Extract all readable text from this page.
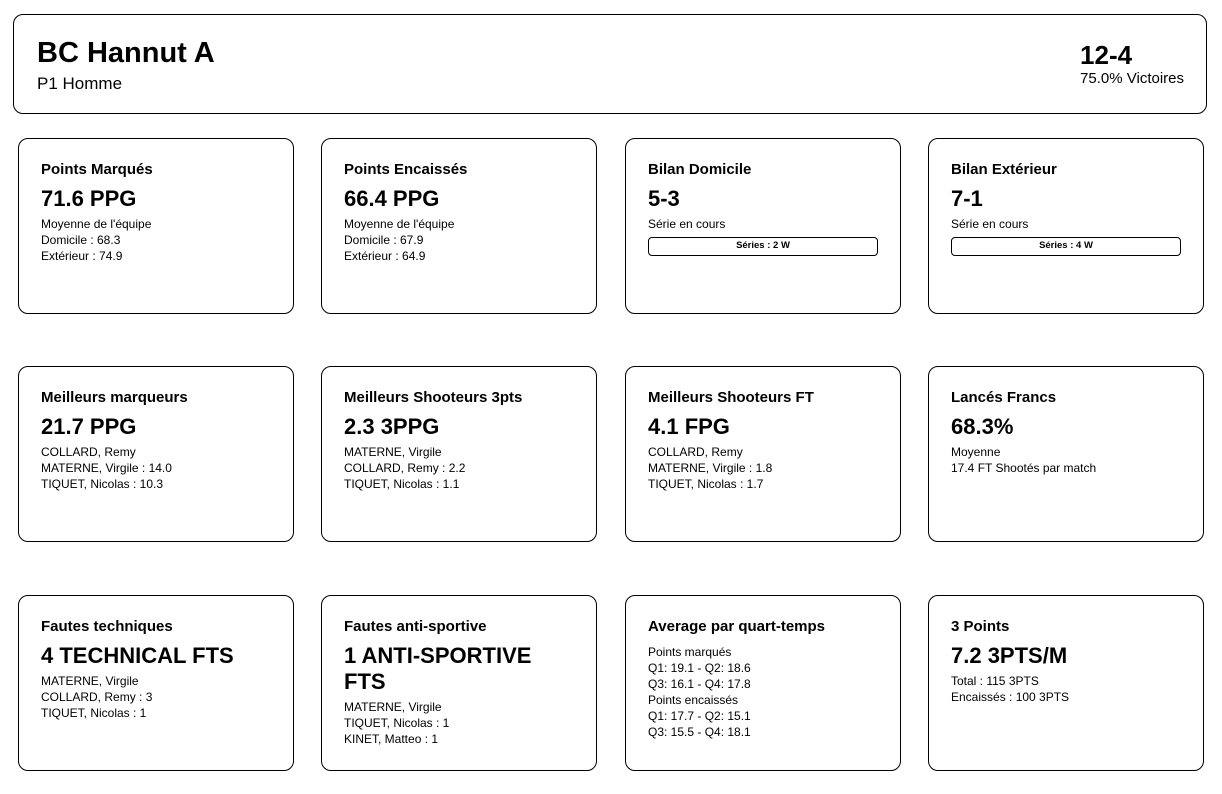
BC Hannut A
P1 Homme
12-4
75.0% Victoires
Points Marqués
71.6 PPG
Moyenne de l'équipe
Domicile : 68.3
Extérieur : 74.9
Points Encaissés
66.4 PPG
Moyenne de l'équipe
Domicile : 67.9
Extérieur : 64.9
Bilan Domicile
5-3
Série en cours
Séries : 2 W
Bilan Extérieur
7-1
Série en cours
Séries : 4 W
Meilleurs marqueurs
21.7 PPG
COLLARD, Remy
MATERNE, Virgile : 14.0
TIQUET, Nicolas : 10.3
Meilleurs Shooteurs 3pts
2.3 3PPG
MATERNE, Virgile
COLLARD, Remy : 2.2
TIQUET, Nicolas : 1.1
Meilleurs Shooteurs FT
4.1 FPG
COLLARD, Remy
MATERNE, Virgile : 1.8
TIQUET, Nicolas : 1.7
Lancés Francs
68.3%
Moyenne
17.4 FT Shootés par match
Fautes techniques
4 TECHNICAL FTS
MATERNE, Virgile
COLLARD, Remy : 3
TIQUET, Nicolas : 1
Fautes anti-sportive
1 ANTI-SPORTIVE FTS
MATERNE, Virgile
TIQUET, Nicolas : 1
KINET, Matteo : 1
Average par quart-temps
Points marqués
Q1: 19.1 - Q2: 18.6
Q3: 16.1 - Q4: 17.8
Points encaissés
Q1: 17.7 - Q2: 15.1
Q3: 15.5 - Q4: 18.1
3 Points
7.2 3PTS/M
Total : 115 3PTS
Encaissés : 100 3PTS
